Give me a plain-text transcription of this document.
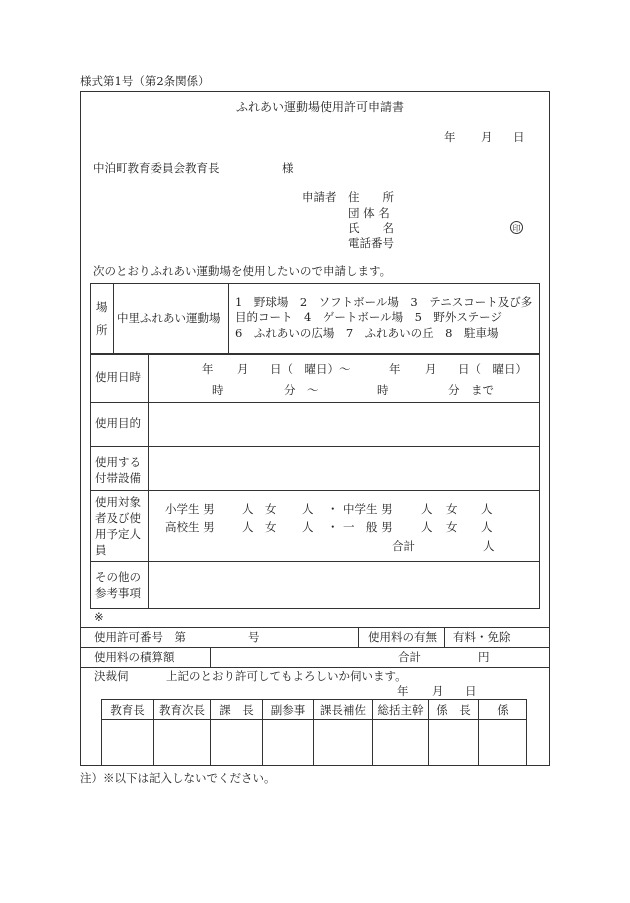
様式第1号（第2条関係）
ふれあい運動場使用許可申請書
年 月 日
中泊町教育委員会教育長	様
申請者 住　　所
団 体 名
氏　　名
電話番号
印
次のとおりふれあい運動場を使用したいので申請します。
場
所
中里ふれあい運動場
1　野球場　2　ソフトボール場　3　テニスコート及び多
目的コート　4　ゲートボール場　5　野外ステージ
6　ふれあいの広場　7　ふれあいの丘　8　駐車場
使用日時
年 月 日（　曜日）～	年 月 日（　曜日）
時	分　～	時	分　まで
使用目的
使用する付帯設備
使用対象者及び使用予定人員
小学生 男 人 女 人 ・ 中学生 男 人 女 人
高校生 男 人 女 人 ・ 一　般 男 人 女 人
合計	人
その他の参考事項
※
使用許可番号　第	号	使用料の有無 有料・免除
使用料の積算額	合計	円
決裁伺	上記のとおり許可してもよろしいか伺います。
年 月 日
教育長	教育次長	課　長	副参事	課長補佐	総括主幹	係　長	係
注）※以下は記入しないでください。
